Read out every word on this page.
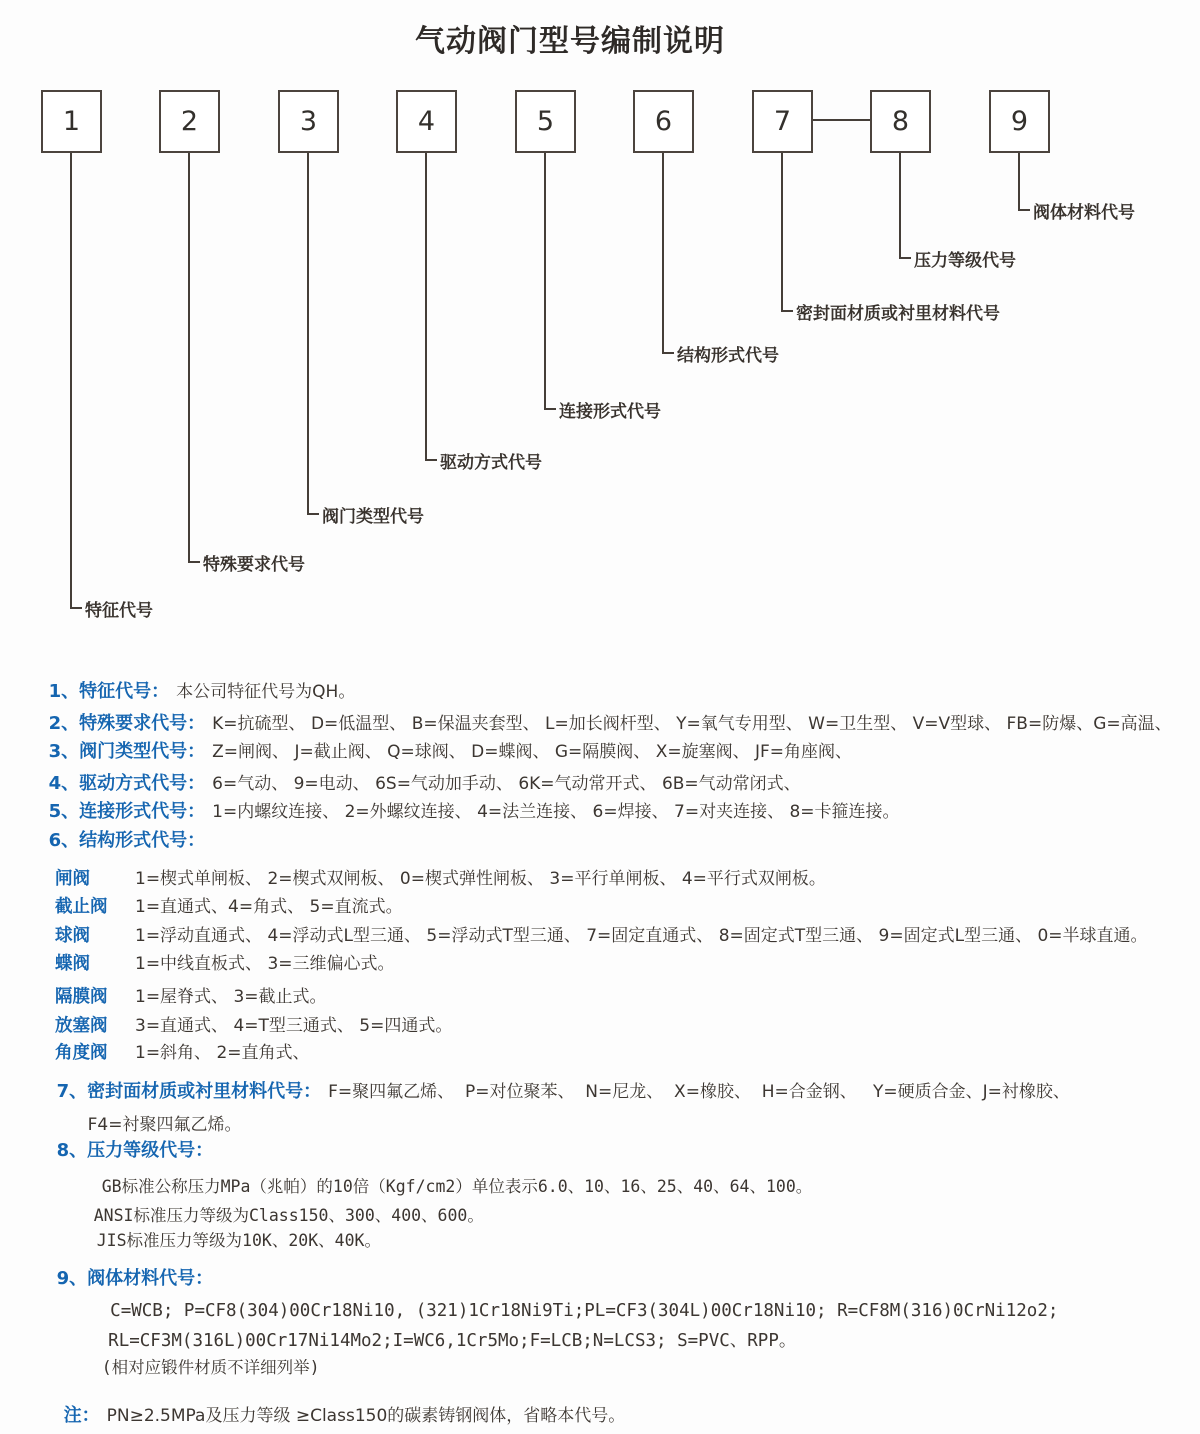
气动阀门型号编制说明
1	2	3	4	5	6	7	8	9
阀体材料代号
压力等级代号
密封面材质或衬里材料代号
结构形式代号
连接形式代号
驱动方式代号
阀门类型代号
特殊要求代号
特征代号

1、特征代号： 本公司特征代号为QH。

2、特殊要求代号： K=抗硫型、 D=低温型、 B=保温夹套型、 L=加长阀杆型、 Y=氧气专用型、 W=卫生型、 V=V型球、 FB=防爆、G=高温、

3、阀门类型代号： Z=闸阀、 J=截止阀、 Q=球阀、 D=蝶阀、 G=隔膜阀、 X=旋塞阀、 JF=角座阀、

4、驱动方式代号： 6=气动、 9=电动、 6S=气动加手动、 6K=气动常开式、 6B=气动常闭式、

5、连接形式代号： 1=内螺纹连接、 2=外螺纹连接、 4=法兰连接、 6=焊接、 7=对夹连接、 8=卡箍连接。

6、结构形式代号：

闸阀	1=楔式单闸板、 2=楔式双闸板、 0=楔式弹性闸板、 3=平行单闸板、 4=平行式双闸板。

截止阀 1=直通式、4=角式、 5=直流式。

球阀	1=浮动直通式、 4=浮动式L型三通、 5=浮动式T型三通、 7=固定直通式、 8=固定式T型三通、 9=固定式L型三通、 0=半球直通。

蝶阀	1=中线直板式、 3=三维偏心式。

隔膜阀 1=屋脊式、 3=截止式。

放塞阀 3=直通式、 4=T型三通式、 5=四通式。

角度阀 1=斜角、 2=直角式、

7、密封面材质或衬里材料代号： F=聚四氟乙烯、  P=对位聚苯、  N=尼龙、  X=橡胶、  H=合金钢、   Y=硬质合金、J=衬橡胶、

F4=衬聚四氟乙烯。

8、压力等级代号：

GB标准公称压力MPa（兆帕）的10倍（Kgf/cm2）单位表示6.0、10、16、25、40、64、100。

ANSI标准压力等级为Class150、300、400、600。

JIS标准压力等级为10K、20K、40K。

9、阀体材料代号：

C=WCB; P=CF8(304)00Cr18Ni10, (321)1Cr18Ni9Ti;PL=CF3(304L)00Cr18Ni10; R=CF8M(316)0CrNi12o2;

RL=CF3M(316L)00Cr17Ni14Mo2;I=WC6,1Cr5Mo;F=LCB;N=LCS3; S=PVC、RPP。

(相对应锻件材质不详细列举)

注： PN≥2.5MPa及压力等级 ≥Class150的碳素铸钢阀体，省略本代号。
